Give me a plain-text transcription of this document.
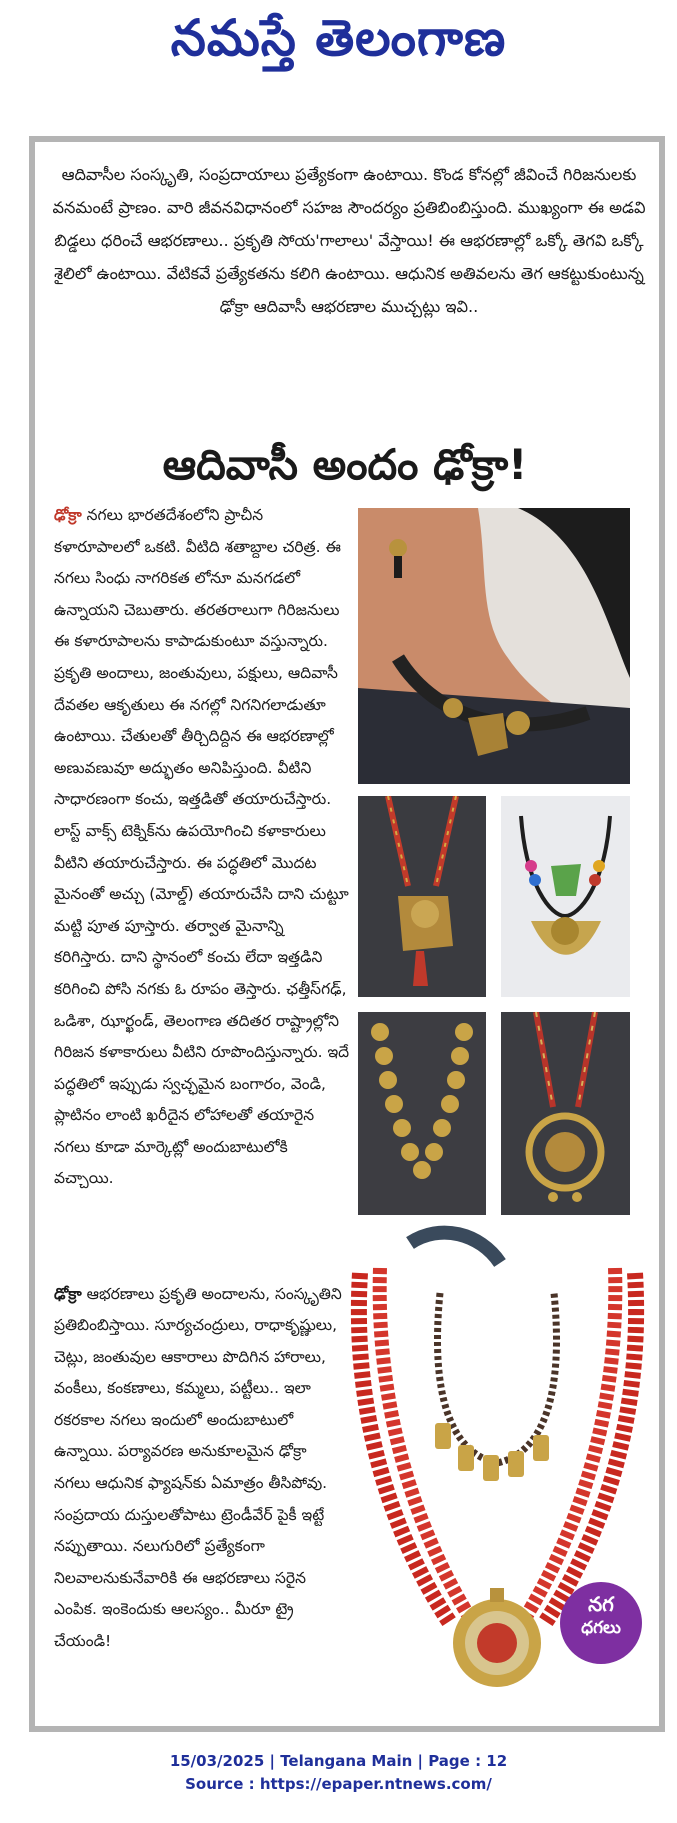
నమస్తే తెలంగాణ

ఆదివాసీల సంస్కృతి, సంప్రదాయాలు ప్రత్యేకంగా ఉంటాయి. కొండ కోనల్లో జీవించే గిరిజనులకు వనమంటే ప్రాణం. వారి జీవనవిధానంలో సహజ సౌందర్యం ప్రతిబింబిస్తుంది. ముఖ్యంగా ఈ అడవి బిడ్డలు ధరించే ఆభరణాలు.. ప్రకృతి సోయ'గాలాలు' వేస్తాయి! ఈ ఆభరణాల్లో ఒక్కో తెగవి ఒక్కో శైలిలో ఉంటాయి. వేటికవే ప్రత్యేకతను కలిగి ఉంటాయి. ఆధునిక అతివలను తెగ ఆకట్టుకుంటున్న ఢోక్రా ఆదివాసీ ఆభరణాల ముచ్చట్లు ఇవి..

ఆదివాసీ అందం ఢోక్రా!

ఢోక్రా నగలు భారతదేశంలోని ప్రాచీన కళారూపాలలో ఒకటి. వీటిది శతాబ్దాల చరిత్ర. ఈ నగలు సింధు నాగరికత లోనూ మనగడలో ఉన్నాయని చెబుతారు. తరతరాలుగా గిరిజనులు ఈ కళారూపాలను కాపాడుకుంటూ వస్తున్నారు. ప్రకృతి అందాలు, జంతువులు, పక్షులు, ఆదివాసీ దేవతల ఆకృతులు ఈ నగల్లో నిగనిగలాడుతూ ఉంటాయి. చేతులతో తీర్చిదిద్దిన ఈ ఆభరణాల్లో అణువణువూ అద్భుతం అనిపిస్తుంది. వీటిని సాధారణంగా కంచు, ఇత్తడితో తయారుచేస్తారు. లాస్ట్ వాక్స్ టెక్నిక్‌ను ఉపయోగించి కళాకారులు వీటిని తయారుచేస్తారు. ఈ పద్ధతిలో మొదట మైనంతో అచ్చు (మోల్డ్) తయారుచేసి దాని చుట్టూ మట్టి పూత పూస్తారు. తర్వాత మైనాన్ని కరిగిస్తారు. దాని స్థానంలో కంచు లేదా ఇత్తడిని కరిగించి పోసి నగకు ఓ రూపం తెస్తారు. ఛత్తీస్‌గఢ్, ఒడిశా, ఝార్ఖండ్, తెలంగాణ తదితర రాష్ట్రాల్లోని గిరిజన కళాకారులు వీటిని రూపొందిస్తున్నారు. ఇదే పద్ధతిలో ఇప్పుడు స్వచ్ఛమైన బంగారం, వెండి, ప్లాటినం లాంటి ఖరీదైన లోహాలతో తయారైన నగలు కూడా మార్కెట్లో అందుబాటులోకి వచ్చాయి.

ఢోక్రా ఆభరణాలు ప్రకృతి అందాలను, సంస్కృతిని ప్రతిబింబిస్తాయి. సూర్యచంద్రులు, రాధాకృష్ణులు, చెట్లు, జంతువుల ఆకారాలు పొదిగిన హారాలు, వంకీలు, కంకణాలు, కమ్మలు, పట్టీలు.. ఇలా రకరకాల నగలు ఇందులో అందుబాటులో ఉన్నాయి. పర్యావరణ అనుకూలమైన ఢోక్రా నగలు ఆధునిక ఫ్యాషన్‌కు ఏమాత్రం తీసిపోవు. సంప్రదాయ దుస్తులతోపాటు ట్రెండీవేర్ పైకీ ఇట్టే నప్పుతాయి. నలుగురిలో ప్రత్యేకంగా నిలవాలనుకునేవారికి ఈ ఆభరణాలు సరైన ఎంపిక. ఇంకెందుకు ఆలస్యం.. మీరూ ట్రై చేయండి!

నగ
ధగలు
15/03/2025 | Telangana Main | Page : 12
Source : https://epaper.ntnews.com/
